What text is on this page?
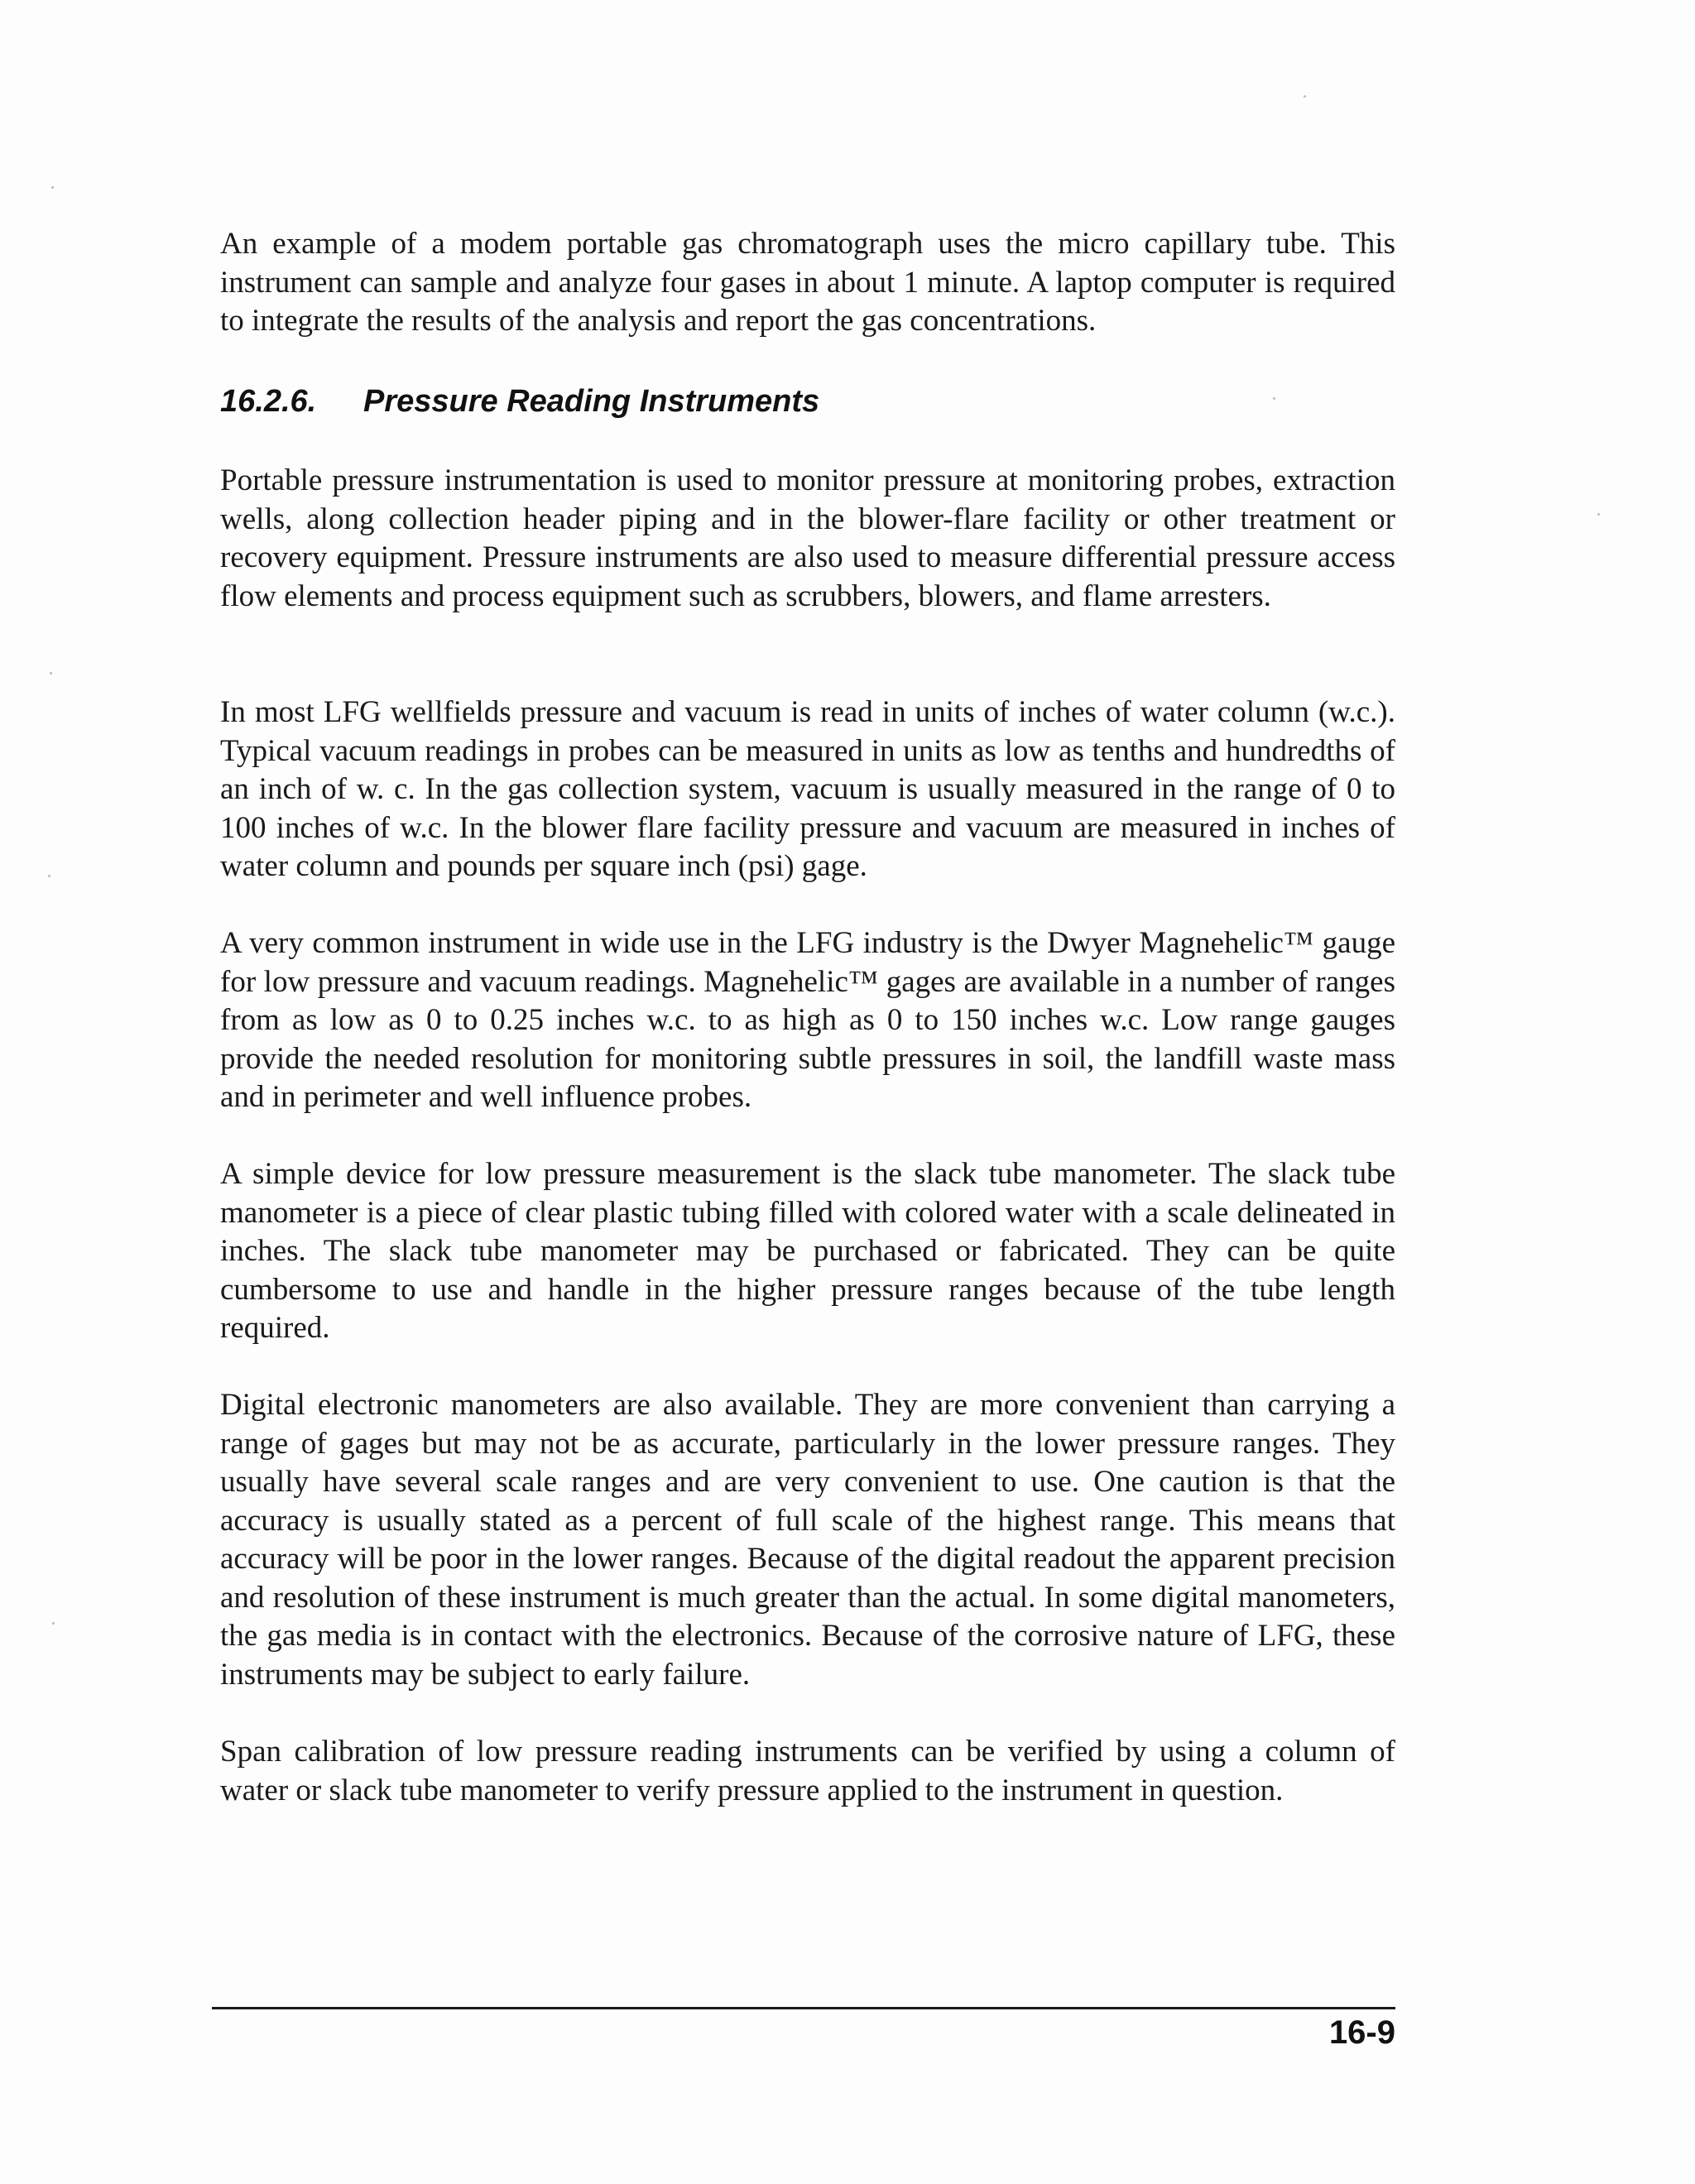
An example of a modem portable gas chromatograph uses the micro capillary tube. This instrument can sample and analyze four gases in about 1 minute. A laptop computer is required to integrate the results of the analysis and report the gas concentrations.

16.2.6. Pressure Reading Instruments

Portable pressure instrumentation is used to monitor pressure at monitoring probes, extraction wells, along collection header piping and in the blower-flare facility or other treatment or recovery equipment. Pressure instruments are also used to measure differential pressure access flow elements and process equipment such as scrubbers, blowers, and flame arresters.

In most LFG wellfields pressure and vacuum is read in units of inches of water column (w.c.). Typical vacuum readings in probes can be measured in units as low as tenths and hundredths of an inch of w. c. In the gas collection system, vacuum is usually measured in the range of 0 to 100 inches of w.c. In the blower flare facility pressure and vacuum are measured in inches of water column and pounds per square inch (psi) gage.

A very common instrument in wide use in the LFG industry is the Dwyer Magnehelic™ gauge for low pressure and vacuum readings. Magnehelic™ gages are available in a number of ranges from as low as 0 to 0.25 inches w.c. to as high as 0 to 150 inches w.c. Low range gauges provide the needed resolution for monitoring subtle pressures in soil, the landfill waste mass and in perimeter and well influence probes.

A simple device for low pressure measurement is the slack tube manometer. The slack tube manometer is a piece of clear plastic tubing filled with colored water with a scale delineated in inches. The slack tube manometer may be purchased or fabricated. They can be quite cumbersome to use and handle in the higher pressure ranges because of the tube length required.

Digital electronic manometers are also available. They are more convenient than carrying a range of gages but may not be as accurate, particularly in the lower pressure ranges. They usually have several scale ranges and are very convenient to use. One caution is that the accuracy is usually stated as a percent of full scale of the highest range. This means that accuracy will be poor in the lower ranges. Because of the digital readout the apparent precision and resolution of these instrument is much greater than the actual. In some digital manometers, the gas media is in contact with the electronics. Because of the corrosive nature of LFG, these instruments may be subject to early failure.

Span calibration of low pressure reading instruments can be verified by using a column of water or slack tube manometer to verify pressure applied to the instrument in question.

16-9
